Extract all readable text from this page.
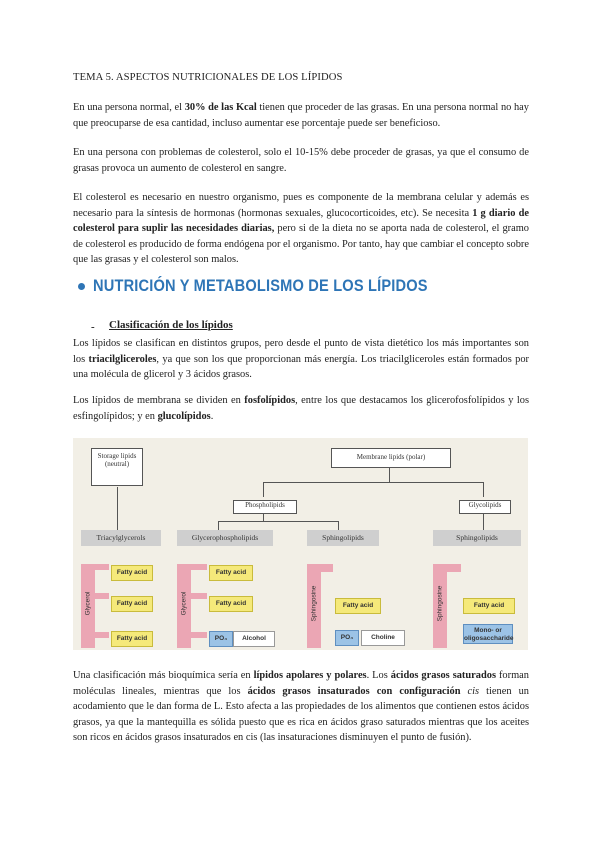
TEMA 5. ASPECTOS NUTRICIONALES DE LOS LÍPIDOS

En una persona normal, el 30% de las Kcal tienen que proceder de las grasas. En una persona normal no hay que preocuparse de esa cantidad, incluso aumentar ese porcentaje puede ser beneficioso.

En una persona con problemas de colesterol, solo el 10-15% debe proceder de grasas, ya que el consumo de grasas provoca un aumento de colesterol en sangre.

El colesterol es necesario en nuestro organismo, pues es componente de la membrana celular y además es necesario para la síntesis de hormonas (hormonas sexuales, glucocorticoides, etc). Se necesita 1 g diario de colesterol para suplir las necesidades diarias, pero si de la dieta no se aporta nada de colesterol, el gramo de colesterol es producido de forma endógena por el organismo. Por tanto, hay que cambiar el concepto sobre que las grasas y el colesterol son malos.

NUTRICIÓN Y METABOLISMO DE LOS LÍPIDOS
- Clasificación de los lípidos

Los lípidos se clasifican en distintos grupos, pero desde el punto de vista dietético los más importantes son los triacilgliceroles, ya que son los que proporcionan más energía. Los triacilgliceroles están formados por una molécula de glicerol y 3 ácidos grasos.

Los lípidos de membrana se dividen en fosfolípidos, entre los que destacamos los glicerofosfolípidos y los esfingolípidos; y en glucolípidos.

Storage lipids (neutral)
Membrane lipids (polar)
Phospholipids	Glycolipids
Triacylglycerols	Glycerophospholipids	Sphingolipids	Sphingolipids
Glycerol
Fatty acid
Fatty acid
Fatty acid
Glycerol
Fatty acid
Fatty acid
PO₄	Alcohol
Sphingosine	Fatty acid
PO₄	Choline
Sphingosine	Fatty acid
Mono- or oligosaccharide

Una clasificación más bioquímica sería en lípidos apolares y polares. Los ácidos grasos saturados forman moléculas lineales, mientras que los ácidos grasos insaturados con configuración cis tienen un acodamiento que le dan forma de L. Esto afecta a las propiedades de los alimentos que contienen estos ácidos grasos, ya que la mantequilla es sólida puesto que es rica en ácidos graso saturados mientras que los aceites son ricos en ácidos grasos insaturados en cis (las insaturaciones disminuyen el punto de fusión).
